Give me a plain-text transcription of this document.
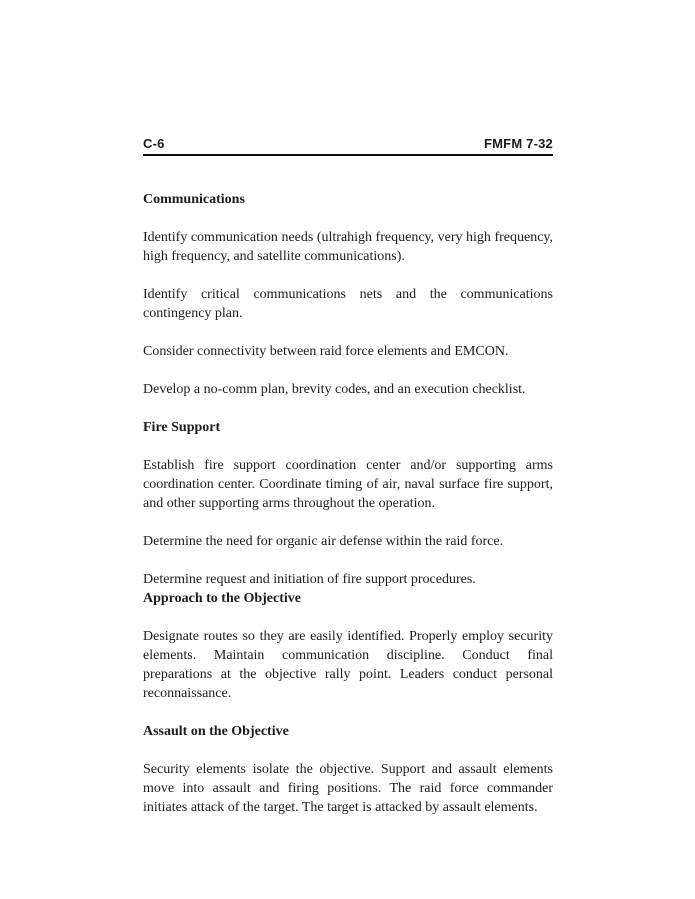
C-6	FMFM 7-32
Communications

Identify communication needs (ultrahigh frequency, very high frequency, high frequency, and satellite communications).

Identify critical communications nets and the communications contingency plan.

Consider connectivity between raid force elements and EMCON.

Develop a no-comm plan, brevity codes, and an execution checklist.

Fire Support

Establish fire support coordination center and/or supporting arms coordination center. Coordinate timing of air, naval surface fire support, and other supporting arms throughout the operation.

Determine the need for organic air defense within the raid force.

Determine request and initiation of fire support procedures.

Approach to the Objective

Designate routes so they are easily identified. Properly employ security elements. Maintain communication discipline. Conduct final preparations at the objective rally point. Leaders conduct personal reconnaissance.

Assault on the Objective

Security elements isolate the objective. Support and assault elements move into assault and firing positions. The raid force commander initiates attack of the target. The target is attacked by assault elements.
